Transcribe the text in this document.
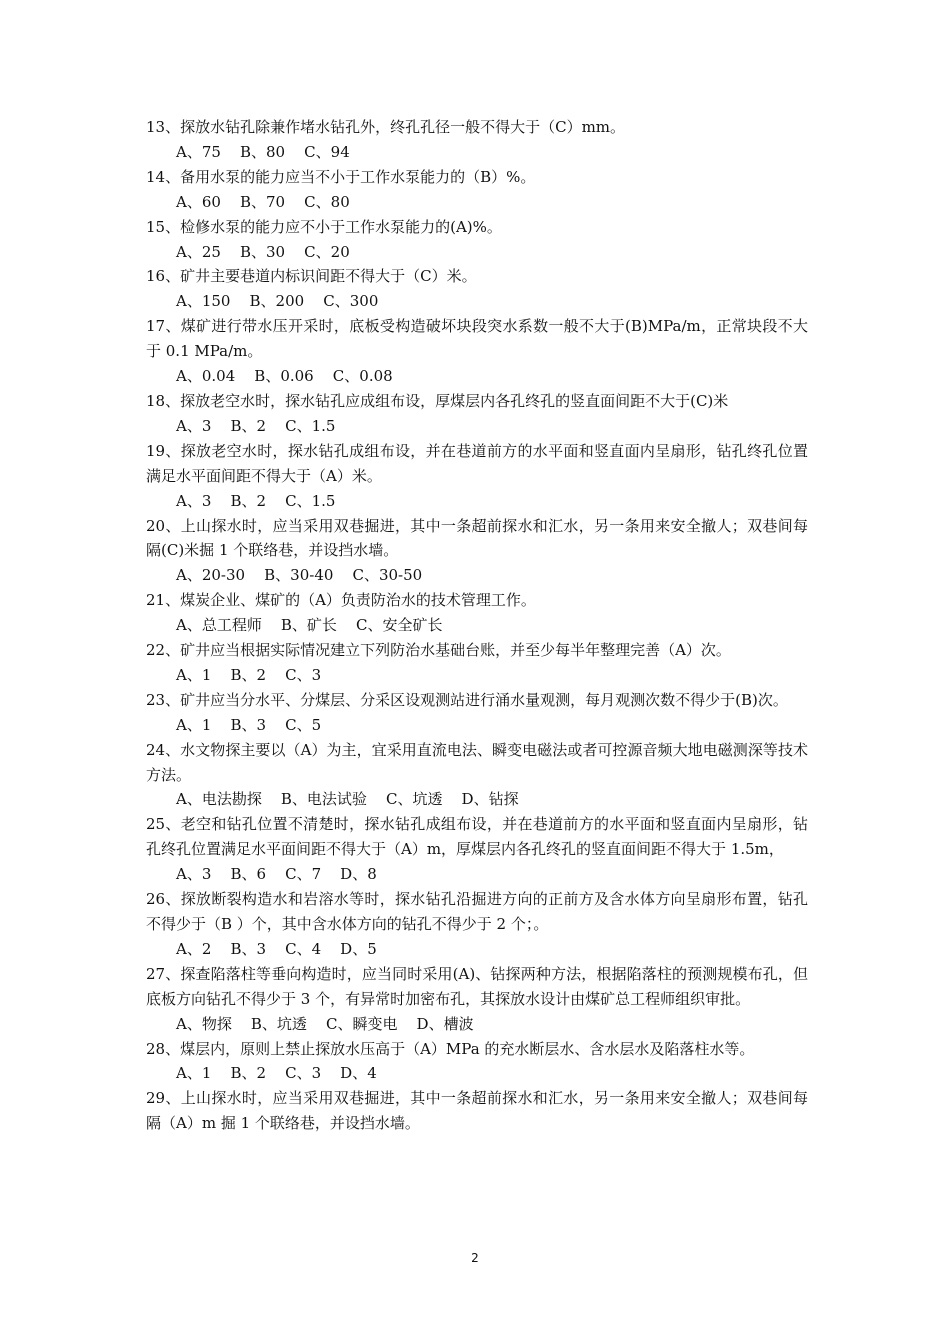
13、探放水钻孔除兼作堵水钻孔外，终孔孔径一般不得大于（C）mm。

A、75    B、80    C、94

14、备用水泵的能力应当不小于工作水泵能力的（B）%。

A、60    B、70    C、80

15、检修水泵的能力应不小于工作水泵能力的(A)%。

A、25    B、30    C、20

16、矿井主要巷道内标识间距不得大于（C）米。

A、150    B、200    C、300

17、煤矿进行带水压开采时，底板受构造破坏块段突水系数一般不大于(B)MPa/m，正常块段不大于 0.1 MPa/m。

A、0.04    B、0.06    C、0.08

18、探放老空水时，探水钻孔应成组布设，厚煤层内各孔终孔的竖直面间距不大于(C)米

A、3    B、2    C、1.5

19、探放老空水时，探水钻孔成组布设，并在巷道前方的水平面和竖直面内呈扇形，钻孔终孔位置满足水平面间距不得大于（A）米。

A、3    B、2    C、1.5

20、上山探水时，应当采用双巷掘进，其中一条超前探水和汇水，另一条用来安全撤人；双巷间每隔(C)米掘 1 个联络巷，并设挡水墙。

A、20-30    B、30-40    C、30-50

21、煤炭企业、煤矿的（A）负责防治水的技术管理工作。

A、总工程师    B、矿长    C、安全矿长

22、矿井应当根据实际情况建立下列防治水基础台账，并至少每半年整理完善（A）次。

A、1    B、2    C、3

23、矿井应当分水平、分煤层、分采区设观测站进行涌水量观测，每月观测次数不得少于(B)次。

A、1    B、3    C、5

24、水文物探主要以（A）为主，宜采用直流电法、瞬变电磁法或者可控源音频大地电磁测深等技术方法。

A、电法勘探    B、电法试验    C、坑透    D、钻探

25、老空和钻孔位置不清楚时，探水钻孔成组布设，并在巷道前方的水平面和竖直面内呈扇形，钻孔终孔位置满足水平面间距不得大于（A）m，厚煤层内各孔终孔的竖直面间距不得大于 1.5m，

A、3    B、6    C、7    D、8

26、探放断裂构造水和岩溶水等时，探水钻孔沿掘进方向的正前方及含水体方向呈扇形布置，钻孔不得少于（B ）个，其中含水体方向的钻孔不得少于 2 个；。

A、2    B、3    C、4    D、5

27、探查陷落柱等垂向构造时，应当同时采用(A)、钻探两种方法，根据陷落柱的预测规模布孔，但底板方向钻孔不得少于 3 个，有异常时加密布孔，其探放水设计由煤矿总工程师组织审批。

A、物探    B、坑透    C、瞬变电    D、槽波

28、煤层内，原则上禁止探放水压高于（A）MPa 的充水断层水、含水层水及陷落柱水等。

A、1    B、2    C、3    D、4

29、上山探水时，应当采用双巷掘进，其中一条超前探水和汇水，另一条用来安全撤人；双巷间每隔（A）m 掘 1 个联络巷，并设挡水墙。

2
